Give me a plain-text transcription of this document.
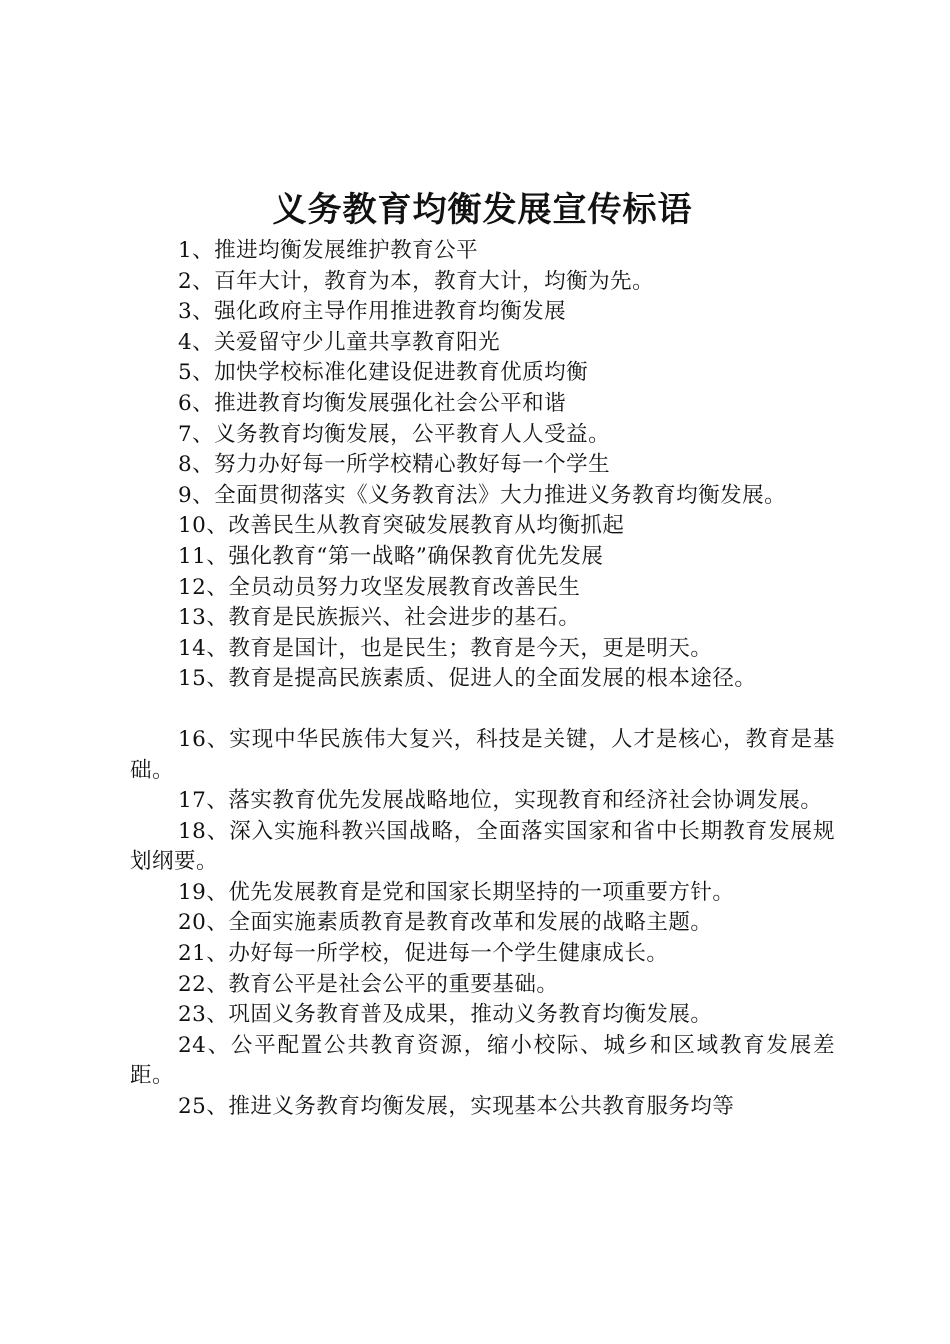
义务教育均衡发展宣传标语

1、推进均衡发展维护教育公平

2、百年大计，教育为本，教育大计，均衡为先。

3、强化政府主导作用推进教育均衡发展

4、关爱留守少儿童共享教育阳光

5、加快学校标准化建设促进教育优质均衡

6、推进教育均衡发展强化社会公平和谐

7、义务教育均衡发展，公平教育人人受益。

8、努力办好每一所学校精心教好每一个学生

9、全面贯彻落实《义务教育法》大力推进义务教育均衡发展。

10、改善民生从教育突破发展教育从均衡抓起

11、强化教育“第一战略”确保教育优先发展

12、全员动员努力攻坚发展教育改善民生

13、教育是民族振兴、社会进步的基石。

14、教育是国计，也是民生；教育是今天，更是明天。

15、教育是提高民族素质、促进人的全面发展的根本途径。

16、实现中华民族伟大复兴，科技是关键，人才是核心，教育是基础。

17、落实教育优先发展战略地位，实现教育和经济社会协调发展。

18、深入实施科教兴国战略，全面落实国家和省中长期教育发展规划纲要。

19、优先发展教育是党和国家长期坚持的一项重要方针。

20、全面实施素质教育是教育改革和发展的战略主题。

21、办好每一所学校，促进每一个学生健康成长。

22、教育公平是社会公平的重要基础。

23、巩固义务教育普及成果，推动义务教育均衡发展。

24、公平配置公共教育资源，缩小校际、城乡和区域教育发展差距。

25、推进义务教育均衡发展，实现基本公共教育服务均等
